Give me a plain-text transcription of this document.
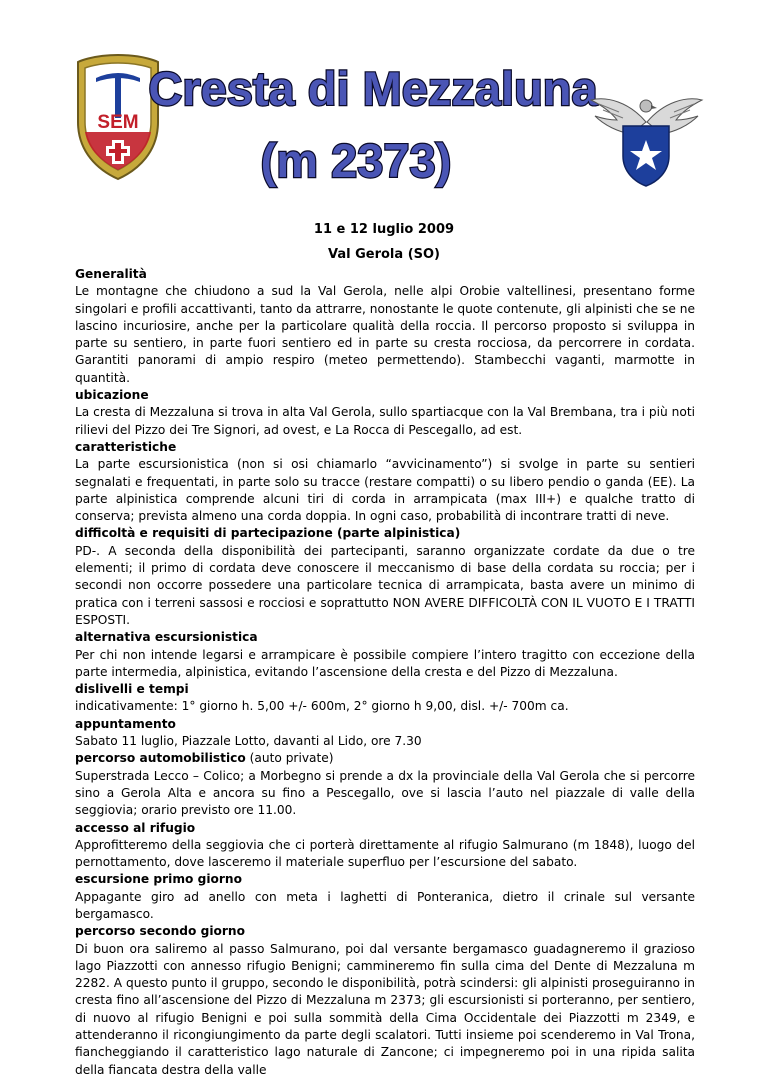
SEM
Cresta di Mezzaluna
(m 2373)
11 e 12 luglio 2009
Val Gerola (SO)

Generalità

Le montagne che chiudono a sud la Val Gerola, nelle alpi Orobie valtellinesi, presentano forme singolari e profili accattivanti, tanto da attrarre, nonostante le quote contenute, gli alpinisti che se ne lascino incuriosire, anche per la particolare qualità della roccia. Il percorso proposto si sviluppa in parte su sentiero, in parte fuori sentiero ed in parte su cresta rocciosa, da percorrere in cordata. Garantiti panorami di ampio respiro (meteo permettendo). Stambecchi vaganti, marmotte in quantità.

ubicazione

La cresta di Mezzaluna si trova in alta Val Gerola, sullo spartiacque con la Val Brembana, tra i più noti rilievi del Pizzo dei Tre Signori, ad ovest, e La Rocca di Pescegallo, ad est.

caratteristiche

La parte escursionistica (non si osi chiamarlo “avvicinamento”) si svolge in parte su sentieri segnalati e frequentati, in parte solo su tracce (restare compatti) o su libero pendio o ganda (EE). La parte alpinistica comprende alcuni tiri di corda in arrampicata (max III+) e qualche tratto di conserva; prevista almeno una corda doppia. In ogni caso, probabilità di incontrare tratti di neve.

difficoltà e requisiti di partecipazione (parte alpinistica)

PD-. A seconda della disponibilità dei partecipanti, saranno organizzate cordate da due o tre elementi; il primo di cordata deve conoscere il meccanismo di base della cordata su roccia; per i secondi non occorre possedere una particolare tecnica di arrampicata, basta avere un minimo di pratica con i terreni sassosi e rocciosi e soprattutto NON AVERE DIFFICOLTÀ CON IL VUOTO E I TRATTI ESPOSTI.

alternativa escursionistica

Per chi non intende legarsi e arrampicare è possibile compiere l’intero tragitto con eccezione della parte intermedia, alpinistica, evitando l’ascensione della cresta e del Pizzo di Mezzaluna.

dislivelli e tempi

indicativamente: 1° giorno h. 5,00 +/- 600m, 2° giorno h 9,00, disl. +/- 700m ca.

appuntamento

Sabato 11 luglio, Piazzale Lotto, davanti al Lido, ore 7.30

percorso automobilistico (auto private)

Superstrada Lecco – Colico; a Morbegno si prende a dx la provinciale della Val Gerola che si percorre sino a Gerola Alta e ancora su fino a Pescegallo, ove si lascia l’auto nel piazzale di valle della seggiovia; orario previsto ore 11.00.

accesso al rifugio

Approfitteremo della seggiovia che ci porterà direttamente al rifugio Salmurano (m 1848), luogo del pernottamento, dove lasceremo il materiale superfluo per l’escursione del sabato.

escursione primo giorno

Appagante giro ad anello con meta i laghetti di Ponteranica, dietro il crinale sul versante bergamasco.

percorso secondo giorno

Di buon ora saliremo al passo Salmurano, poi dal versante bergamasco guadagneremo il grazioso lago Piazzotti con annesso rifugio Benigni; cammineremo fin sulla cima del Dente di Mezzaluna m 2282. A questo punto il gruppo, secondo le disponibilità, potrà scindersi: gli alpinisti proseguiranno in cresta fino all’ascensione del Pizzo di Mezzaluna m 2373; gli escursionisti si porteranno, per sentiero, di nuovo al rifugio Benigni e poi sulla sommità della Cima Occidentale dei Piazzotti m 2349, e attenderanno il ricongiungimento da parte degli scalatori. Tutti insieme poi scenderemo in Val Trona, fiancheggiando il caratteristico lago naturale di Zancone; ci impegneremo poi in una ripida salita della fiancata destra della valle
